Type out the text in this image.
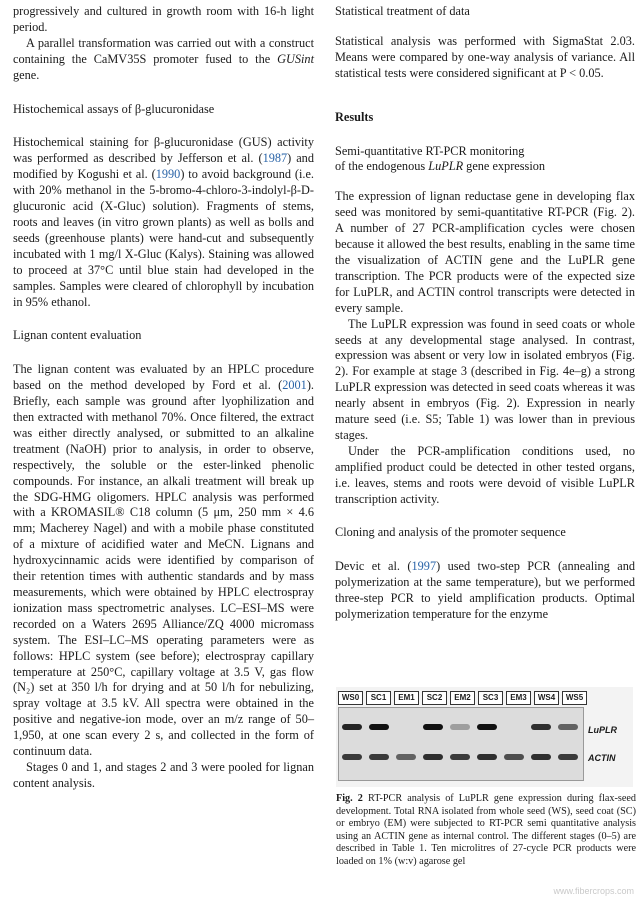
progressively and cultured in growth room with 16-h light period.

A parallel transformation was carried out with a construct containing the CaMV35S promoter fused to the GUSint gene.

Histochemical assays of β-glucuronidase

Histochemical staining for β-glucuronidase (GUS) activity was performed as described by Jefferson et al. (1987) and modified by Kogushi et al. (1990) to avoid background (i.e. with 20% methanol in the 5-bromo-4-chloro-3-indolyl-β-D-glucuronic acid (X-Gluc) solution). Fragments of stems, roots and leaves (in vitro grown plants) as well as bolls and seeds (greenhouse plants) were hand-cut and subsequently incubated with 1 mg/l X-Gluc (Kalys). Staining was allowed to proceed at 37°C until blue stain had developed in the samples. Samples were cleared of chlorophyll by incubation in 95% ethanol.

Lignan content evaluation

The lignan content was evaluated by an HPLC procedure based on the method developed by Ford et al. (2001). Briefly, each sample was ground after lyophilization and then extracted with methanol 70%. Once filtered, the extract was either directly analysed, or submitted to an alkaline treatment (NaOH) prior to analysis, in order to observe, respectively, the soluble or the ester-linked phenolic compounds. For instance, an alkali treatment will break up the SDG-HMG oligomers. HPLC analysis was performed with a KROMASIL® C18 column (5 μm, 250 mm × 4.6 mm; Macherey Nagel) and with a mobile phase constituted of a mixture of acidified water and MeCN. Lignans and hydroxycinnamic acids were identified by comparison of their retention times with authentic standards and by mass measurements, which were obtained by HPLC electrospray ionization mass spectrometric analyses. LC–ESI–MS were recorded on a Waters 2695 Alliance/ZQ 4000 micromass system. The ESI–LC–MS operating parameters were as follows: HPLC system (see before); electrospray capillary temperature at 250°C, capillary voltage at 3.5 V, gas flow (N₂) set at 350 l/h for drying and at 50 l/h for nebulizing, spray voltage at 3.5 kV. All spectra were obtained in the positive and negative-ion mode, over an m/z range of 50–1,950, at one scan every 2 s, and collected in the form of continuum data.

Stages 0 and 1, and stages 2 and 3 were pooled for lignan content analysis.

Statistical treatment of data

Statistical analysis was performed with SigmaStat 2.03. Means were compared by one-way analysis of variance. All statistical tests were considered significant at P < 0.05.

Results

Semi-quantitative RT-PCR monitoring

of the endogenous LuPLR gene expression

The expression of lignan reductase gene in developing flax seed was monitored by semi-quantitative RT-PCR (Fig. 2). A number of 27 PCR-amplification cycles were chosen because it allowed the best results, enabling in the same time the visualization of ACTIN gene and the LuPLR gene transcription. The PCR products were of the expected size for LuPLR, and ACTIN control transcripts were detected in every sample.

The LuPLR expression was found in seed coats or whole seeds at any developmental stage analysed. In contrast, expression was absent or very low in isolated embryos (Fig. 2). For example at stage 3 (described in Fig. 4e–g) a strong LuPLR expression was detected in seed coats whereas it was nearly absent in embryos (Fig. 2). Expression in nearly mature seed (i.e. S5; Table 1) was lower than in previous stages.

Under the PCR-amplification conditions used, no amplified product could be detected in other tested organs, i.e. leaves, stems and roots were devoid of visible LuPLR transcription activity.

Cloning and analysis of the promoter sequence

Devic et al. (1997) used two-step PCR (annealing and polymerization at the same temperature), but we performed three-step PCR to yield amplification products. Optimal polymerization temperature for the enzyme

WS0	SC1	EM1	SC2	EM2	SC3	EM3	WS4	WS5
LuPLR
ACTIN
Fig. 2 RT-PCR analysis of LuPLR gene expression during flax-seed development. Total RNA isolated from whole seed (WS), seed coat (SC) or embryo (EM) were subjected to RT-PCR semi quantitative analysis using an ACTIN gene as internal control. The different stages (0–5) are described in Table 1. Ten microlitres of 27-cycle PCR products were loaded on 1% (w:v) agarose gel
www.fibercrops.com
